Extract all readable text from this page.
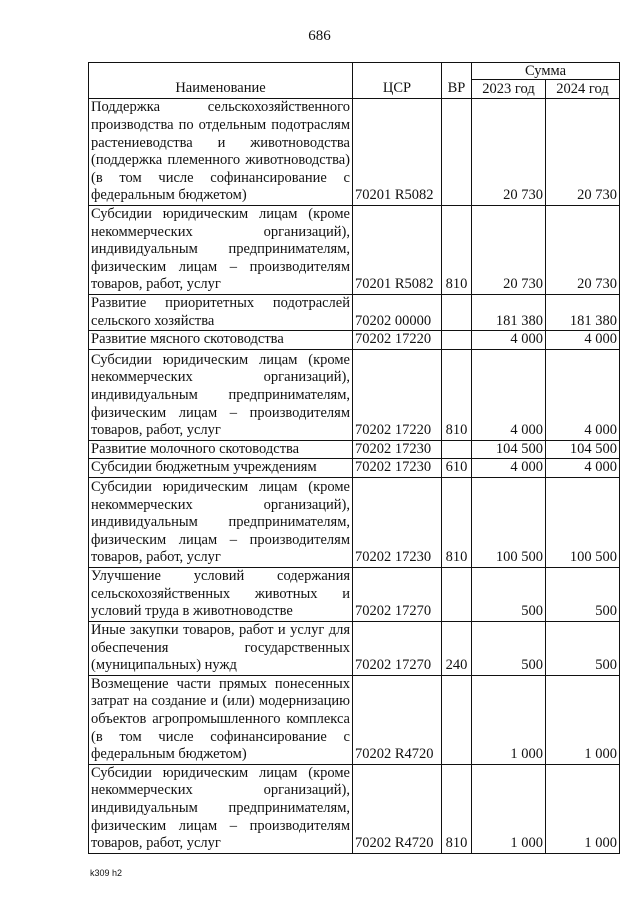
686
Наименование	ЦСР	ВР	Сумма	
			2023 год	2024 год
Поддержка сельскохозяйственного производства по отдельным подотраслям растениеводства и животноводства (поддержка племенного животноводства) (в том числе софинансирование с федеральным бюджетом)	70201 R5082		20 730	20 730
Субсидии юридическим лицам (кроме некоммерческих организаций), индивидуальным предпринимателям, физическим лицам – производителям товаров, работ, услуг	70201 R5082	810	20 730	20 730
Развитие приоритетных подотраслей сельского хозяйства	70202 00000		181 380	181 380
Развитие мясного скотоводства	70202 17220		4 000	4 000
Субсидии юридическим лицам (кроме некоммерческих организаций), индивидуальным предпринимателям, физическим лицам – производителям товаров, работ, услуг	70202 17220	810	4 000	4 000
Развитие молочного скотоводства	70202 17230		104 500	104 500
Субсидии бюджетным учреждениям	70202 17230	610	4 000	4 000
Субсидии юридическим лицам (кроме некоммерческих организаций), индивидуальным предпринимателям, физическим лицам – производителям товаров, работ, услуг	70202 17230	810	100 500	100 500
Улучшение условий содержания сельскохозяйственных животных и условий труда в животноводстве	70202 17270		500	500
Иные закупки товаров, работ и услуг для обеспечения государственных (муниципальных) нужд	70202 17270	240	500	500
Возмещение части прямых понесенных затрат на создание и (или) модернизацию объектов агропромышленного комплекса (в том числе софинансирование с федеральным бюджетом)	70202 R4720		1 000	1 000
Субсидии юридическим лицам (кроме некоммерческих организаций), индивидуальным предпринимателям, физическим лицам – производителям товаров, работ, услуг	70202 R4720	810	1 000	1 000
k309 h2
